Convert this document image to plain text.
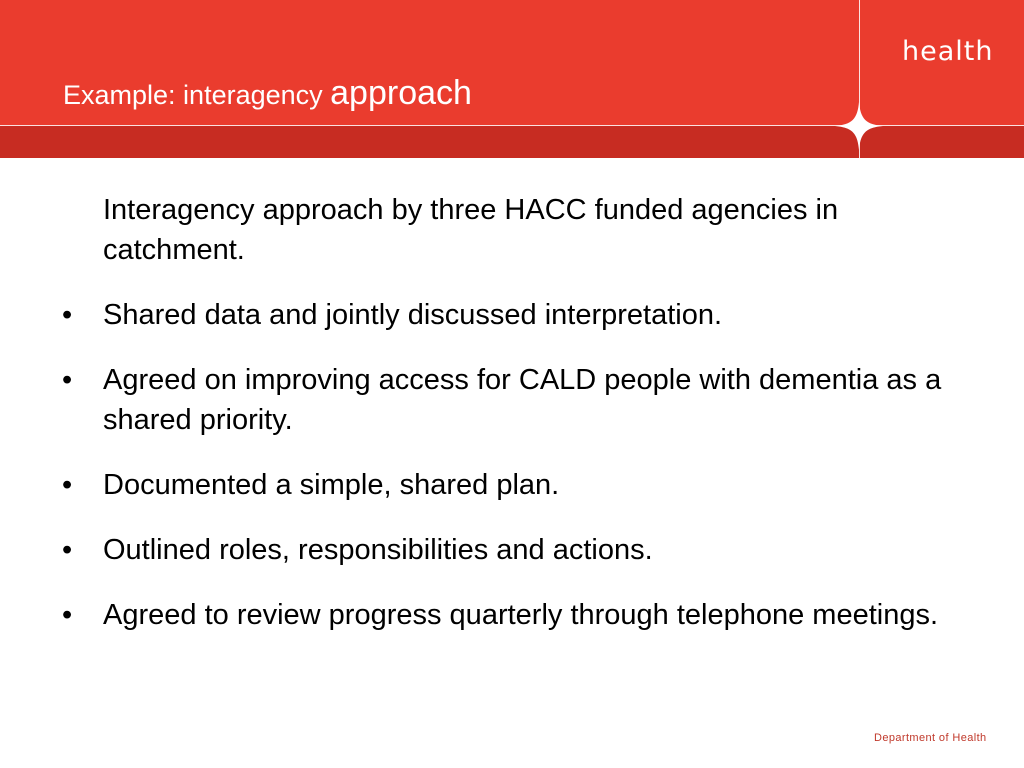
health
Example: interagency approach
Interagency approach by three HACC funded agencies in catchment.
•	Shared data and jointly discussed interpretation.
•	Agreed on improving access for CALD people with dementia as a shared priority.
•	Documented a simple, shared plan.
•	Outlined roles, responsibilities and actions.
•	Agreed to review progress quarterly through telephone meetings.
Department of Health
